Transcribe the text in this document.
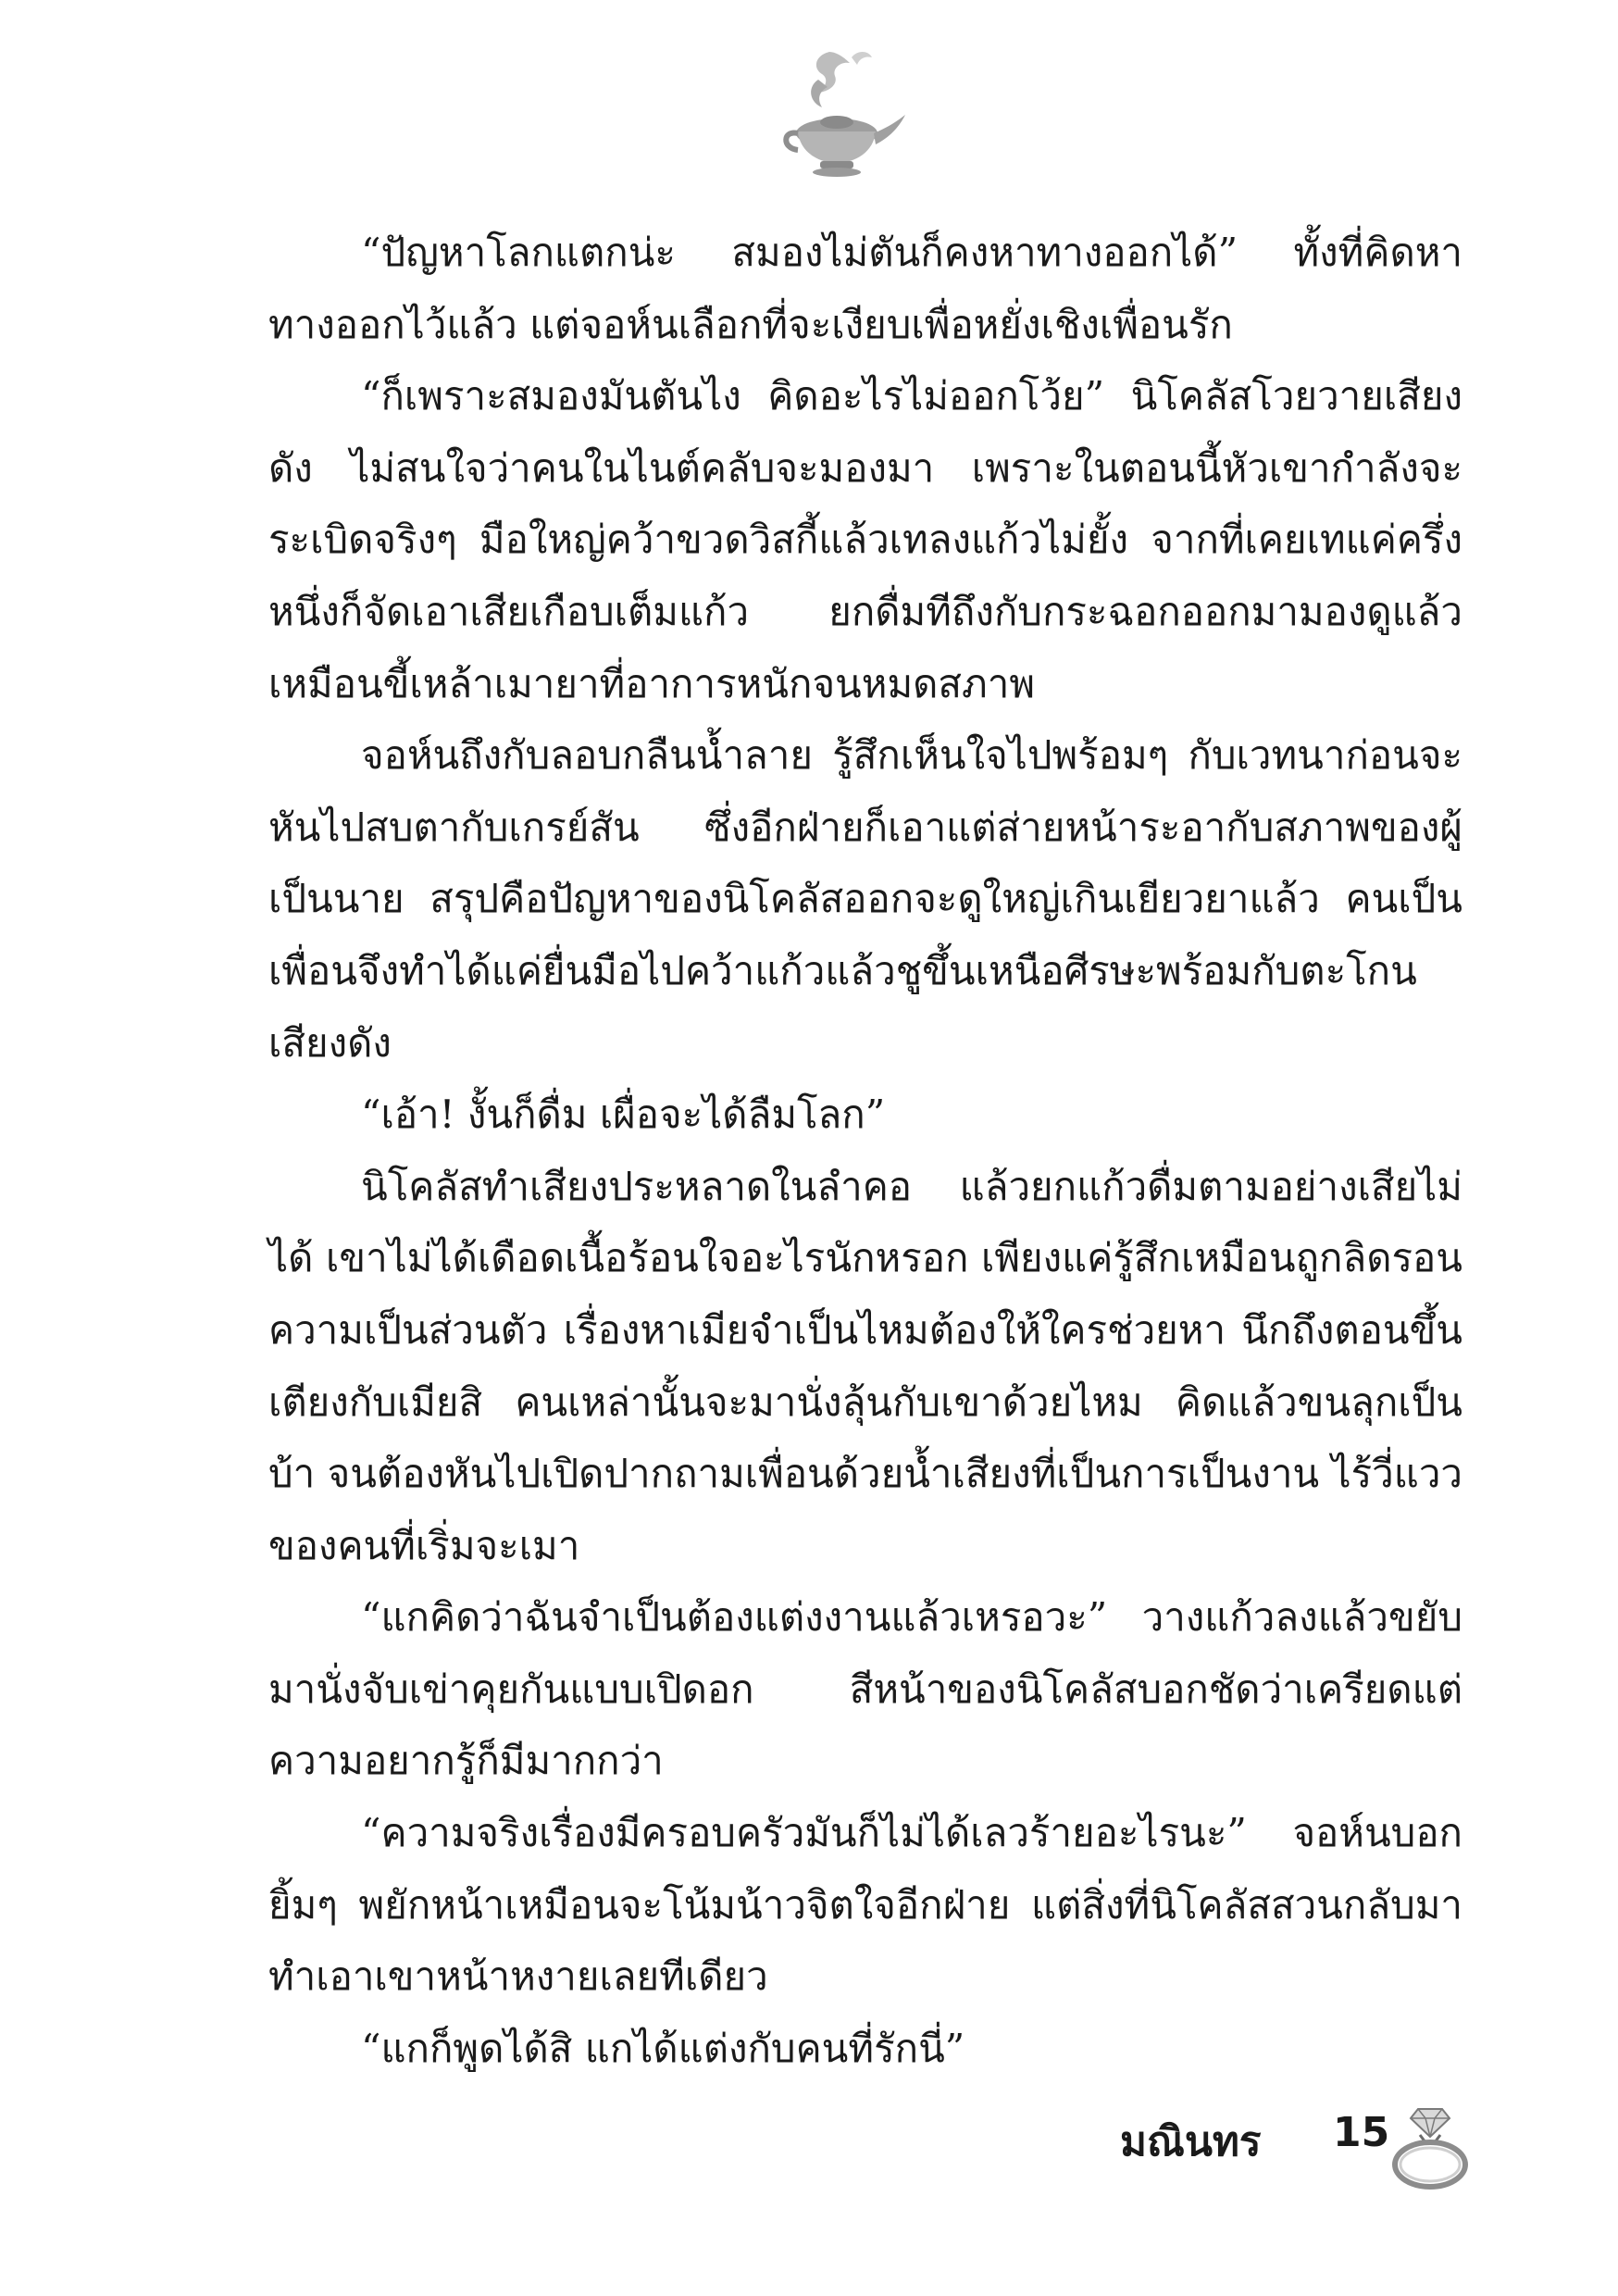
“ปัญหาโลกแตกน่ะ สมองไม่ตันก็คงหาทางออกได้” ทั้งที่คิดหาทางออกไว้แล้ว แต่จอห์นเลือกที่จะเงียบเพื่อหยั่งเชิงเพื่อนรัก

“ก็เพราะสมองมันตันไง คิดอะไรไม่ออกโว้ย” นิโคลัสโวยวายเสียงดัง ไม่สนใจว่าคนในไนต์คลับจะมองมา เพราะในตอนนี้หัวเขากำลังจะระเบิดจริงๆ มือใหญ่คว้าขวดวิสกี้แล้วเทลงแก้วไม่ยั้ง จากที่เคยเทแค่ครึ่งหนึ่งก็จัดเอาเสียเกือบเต็มแก้ว ยกดื่มทีถึงกับกระฉอกออกมามองดูแล้วเหมือนขี้เหล้าเมายาที่อาการหนักจนหมดสภาพ

จอห์นถึงกับลอบกลืนน้ำลาย รู้สึกเห็นใจไปพร้อมๆ กับเวทนาก่อนจะหันไปสบตากับเกรย์สัน ซึ่งอีกฝ่ายก็เอาแต่ส่ายหน้าระอากับสภาพของผู้เป็นนาย สรุปคือปัญหาของนิโคลัสออกจะดูใหญ่เกินเยียวยาแล้ว คนเป็นเพื่อนจึงทำได้แค่ยื่นมือไปคว้าแก้วแล้วชูขึ้นเหนือศีรษะพร้อมกับตะโกนเสียงดัง

“เอ้า! งั้นก็ดื่ม เผื่อจะได้ลืมโลก”

นิโคลัสทำเสียงประหลาดในลำคอ แล้วยกแก้วดื่มตามอย่างเสียไม่ได้ เขาไม่ได้เดือดเนื้อร้อนใจอะไรนักหรอก เพียงแค่รู้สึกเหมือนถูกลิดรอนความเป็นส่วนตัว เรื่องหาเมียจำเป็นไหมต้องให้ใครช่วยหา นึกถึงตอนขึ้นเตียงกับเมียสิ คนเหล่านั้นจะมานั่งลุ้นกับเขาด้วยไหม คิดแล้วขนลุกเป็นบ้า จนต้องหันไปเปิดปากถามเพื่อนด้วยน้ำเสียงที่เป็นการเป็นงาน ไร้วี่แววของคนที่เริ่มจะเมา

“แกคิดว่าฉันจำเป็นต้องแต่งงานแล้วเหรอวะ” วางแก้วลงแล้วขยับมานั่งจับเข่าคุยกันแบบเปิดอก สีหน้าของนิโคลัสบอกชัดว่าเครียดแต่ความอยากรู้ก็มีมากกว่า

“ความจริงเรื่องมีครอบครัวมันก็ไม่ได้เลวร้ายอะไรนะ” จอห์นบอกยิ้มๆ พยักหน้าเหมือนจะโน้มน้าวจิตใจอีกฝ่าย แต่สิ่งที่นิโคลัสสวนกลับมาทำเอาเขาหน้าหงายเลยทีเดียว

“แกก็พูดได้สิ แกได้แต่งกับคนที่รักนี่”

มณินทร 15
